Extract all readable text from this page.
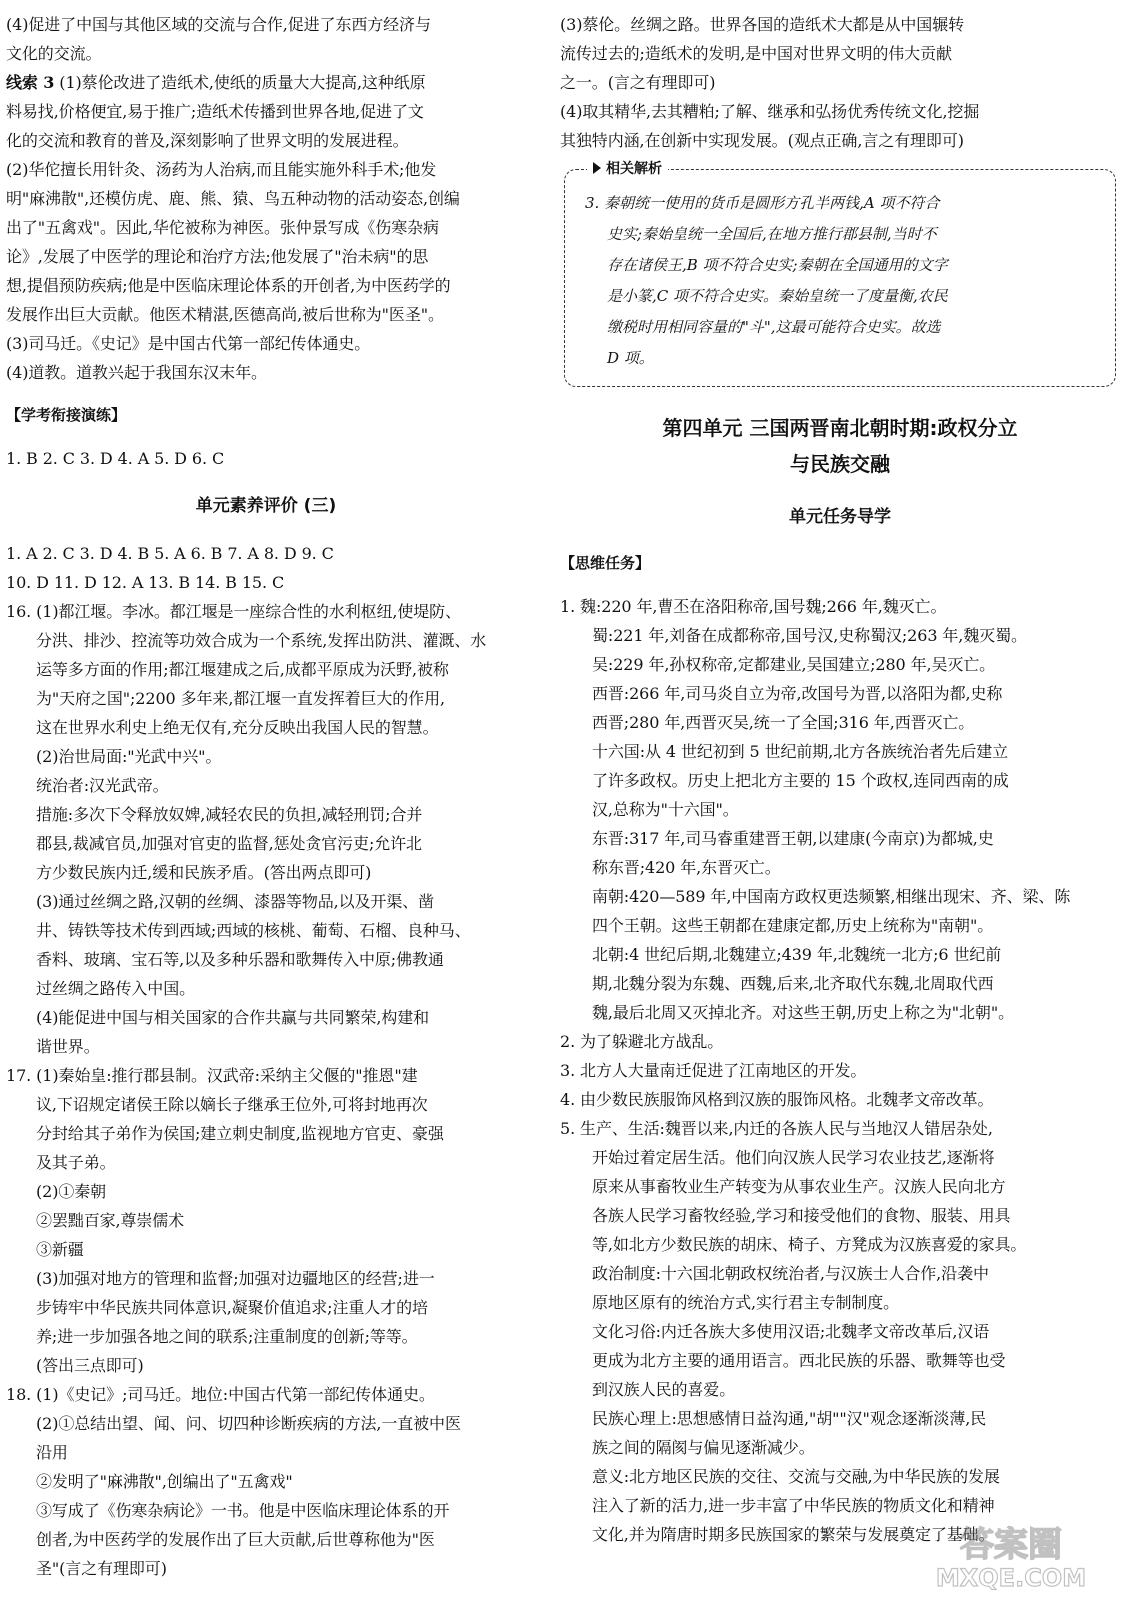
(4)促进了中国与其他区域的交流与合作,促进了东西方经济与

文化的交流。

线索 3 (1)蔡伦改进了造纸术,使纸的质量大大提高,这种纸原

料易找,价格便宜,易于推广;造纸术传播到世界各地,促进了文

化的交流和教育的普及,深刻影响了世界文明的发展进程。

(2)华佗擅长用针灸、汤药为人治病,而且能实施外科手术;他发

明"麻沸散",还模仿虎、鹿、熊、猿、鸟五种动物的活动姿态,创编

出了"五禽戏"。因此,华佗被称为神医。张仲景写成《伤寒杂病

论》,发展了中医学的理论和治疗方法;他发展了"治未病"的思

想,提倡预防疾病;他是中医临床理论体系的开创者,为中医药学的

发展作出巨大贡献。他医术精湛,医德高尚,被后世称为"医圣"。

(3)司马迁。《史记》是中国古代第一部纪传体通史。

(4)道教。道教兴起于我国东汉末年。

【学考衔接演练】

1. B 2. C 3. D 4. A 5. D 6. C

单元素养评价 (三)

1. A 2. C 3. D 4. B 5. A 6. B 7. A 8. D 9. C

10. D 11. D 12. A 13. B 14. B 15. C

16. (1)都江堰。李冰。都江堰是一座综合性的水利枢纽,使堤防、

分洪、排沙、控流等功效合成为一个系统,发挥出防洪、灌溉、水

运等多方面的作用;都江堰建成之后,成都平原成为沃野,被称

为"天府之国";2200 多年来,都江堰一直发挥着巨大的作用,

这在世界水利史上绝无仅有,充分反映出我国人民的智慧。

(2)治世局面:"光武中兴"。

统治者:汉光武帝。

措施:多次下令释放奴婢,减轻农民的负担,减轻刑罚;合并

郡县,裁减官员,加强对官吏的监督,惩处贪官污吏;允许北

方少数民族内迁,缓和民族矛盾。(答出两点即可)

(3)通过丝绸之路,汉朝的丝绸、漆器等物品,以及开渠、凿

井、铸铁等技术传到西域;西域的核桃、葡萄、石榴、良种马、

香料、玻璃、宝石等,以及多种乐器和歌舞传入中原;佛教通

过丝绸之路传入中国。

(4)能促进中国与相关国家的合作共赢与共同繁荣,构建和

谐世界。

17. (1)秦始皇:推行郡县制。汉武帝:采纳主父偃的"推恩"建

议,下诏规定诸侯王除以嫡长子继承王位外,可将封地再次

分封给其子弟作为侯国;建立刺史制度,监视地方官吏、豪强

及其子弟。

(2)①秦朝

②罢黜百家,尊崇儒术

③新疆

(3)加强对地方的管理和监督;加强对边疆地区的经营;进一

步铸牢中华民族共同体意识,凝聚价值追求;注重人才的培

养;进一步加强各地之间的联系;注重制度的创新;等等。

(答出三点即可)

18. (1)《史记》;司马迁。地位:中国古代第一部纪传体通史。

(2)①总结出望、闻、问、切四种诊断疾病的方法,一直被中医

沿用

②发明了"麻沸散",创编出了"五禽戏"

③写成了《伤寒杂病论》一书。他是中医临床理论体系的开

创者,为中医药学的发展作出了巨大贡献,后世尊称他为"医

圣"(言之有理即可)

(3)蔡伦。丝绸之路。世界各国的造纸术大都是从中国辗转

流传过去的;造纸术的发明,是中国对世界文明的伟大贡献

之一。(言之有理即可)

(4)取其精华,去其糟粕;了解、继承和弘扬优秀传统文化,挖掘

其独特内涵,在创新中实现发展。(观点正确,言之有理即可)

相关解析

3. 秦朝统一使用的货币是圆形方孔半两钱,A 项不符合

史实;秦始皇统一全国后,在地方推行郡县制,当时不

存在诸侯王,B 项不符合史实;秦朝在全国通用的文字

是小篆,C 项不符合史实。秦始皇统一了度量衡,农民

缴税时用相同容量的"斗",这最可能符合史实。故选

D 项。

第四单元 三国两晋南北朝时期:政权分立

与民族交融

单元任务导学

【思维任务】

1. 魏:220 年,曹丕在洛阳称帝,国号魏;266 年,魏灭亡。

蜀:221 年,刘备在成都称帝,国号汉,史称蜀汉;263 年,魏灭蜀。

吴:229 年,孙权称帝,定都建业,吴国建立;280 年,吴灭亡。

西晋:266 年,司马炎自立为帝,改国号为晋,以洛阳为都,史称

西晋;280 年,西晋灭吴,统一了全国;316 年,西晋灭亡。

十六国:从 4 世纪初到 5 世纪前期,北方各族统治者先后建立

了许多政权。历史上把北方主要的 15 个政权,连同西南的成

汉,总称为"十六国"。

东晋:317 年,司马睿重建晋王朝,以建康(今南京)为都城,史

称东晋;420 年,东晋灭亡。

南朝:420—589 年,中国南方政权更迭频繁,相继出现宋、齐、梁、陈

四个王朝。这些王朝都在建康定都,历史上统称为"南朝"。

北朝:4 世纪后期,北魏建立;439 年,北魏统一北方;6 世纪前

期,北魏分裂为东魏、西魏,后来,北齐取代东魏,北周取代西

魏,最后北周又灭掉北齐。对这些王朝,历史上称之为"北朝"。

2. 为了躲避北方战乱。

3. 北方人大量南迁促进了江南地区的开发。

4. 由少数民族服饰风格到汉族的服饰风格。北魏孝文帝改革。

5. 生产、生活:魏晋以来,内迁的各族人民与当地汉人错居杂处,

开始过着定居生活。他们向汉族人民学习农业技艺,逐渐将

原来从事畜牧业生产转变为从事农业生产。汉族人民向北方

各族人民学习畜牧经验,学习和接受他们的食物、服装、用具

等,如北方少数民族的胡床、椅子、方凳成为汉族喜爱的家具。

政治制度:十六国北朝政权统治者,与汉族士人合作,沿袭中

原地区原有的统治方式,实行君主专制制度。

文化习俗:内迁各族大多使用汉语;北魏孝文帝改革后,汉语

更成为北方主要的通用语言。西北民族的乐器、歌舞等也受

到汉族人民的喜爱。

民族心理上:思想感情日益沟通,"胡""汉"观念逐渐淡薄,民

族之间的隔阂与偏见逐渐减少。

意义:北方地区民族的交往、交流与交融,为中华民族的发展

注入了新的活力,进一步丰富了中华民族的物质文化和精神

文化,并为隋唐时期多民族国家的繁荣与发展奠定了基础。

答案圈
MXQE.COM
